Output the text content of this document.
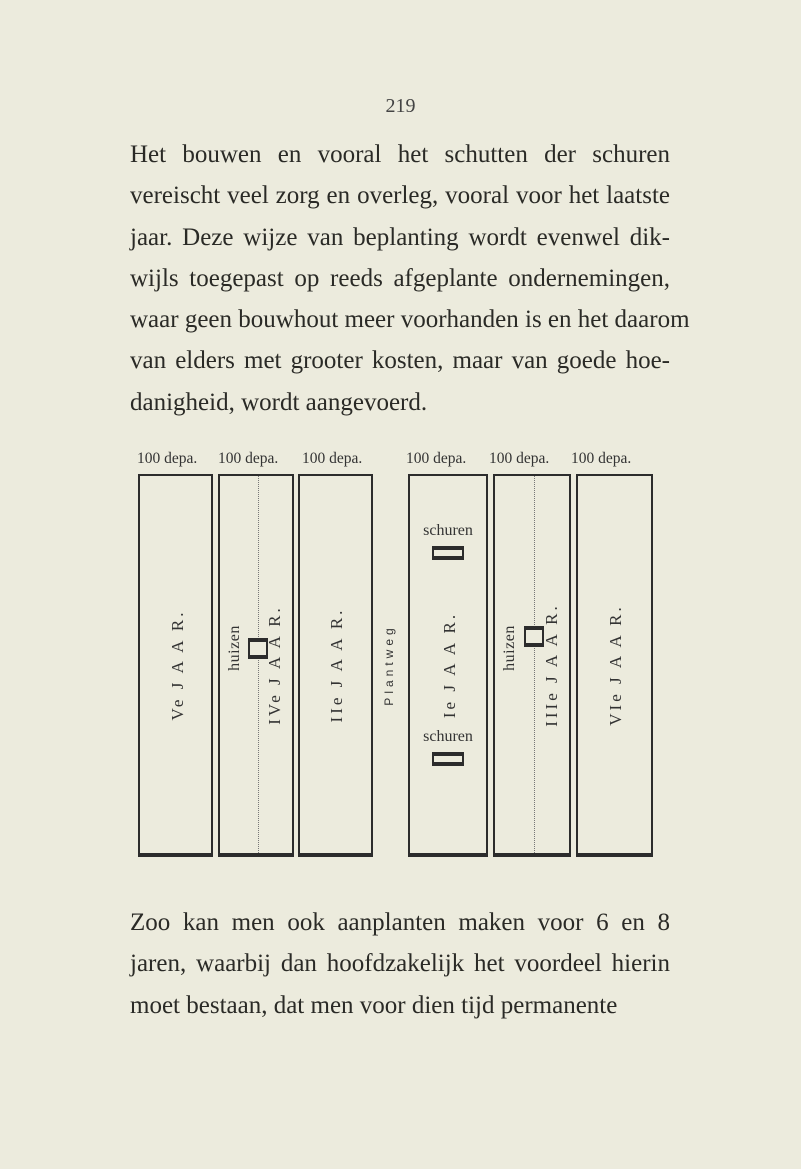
219

Het bouwen en vooral het schutten der schuren
vereischt veel zorg en overleg, vooral voor het laatste
jaar. Deze wijze van beplanting wordt evenwel dik-
wijls toegepast op reeds afgeplante ondernemingen,
waar geen bouwhout meer voorhanden is en het daarom
van elders met grooter kosten, maar van goede hoe-
danigheid, wordt aangevoerd.

100 depa. 100 depa. 100 depa.	100 depa. 100 depa. 100 depa.
Ve J A A R. huizen IVe J A A R.	IIe J A A R.	Plantweg
schuren
Ie J A A R.
schuren
huizen IIIe J A A R.	VIe J A A R.

Zoo kan men ook aanplanten maken voor 6 en 8
jaren, waarbij dan hoofdzakelijk het voordeel hierin
moet bestaan, dat men voor dien tijd permanente
